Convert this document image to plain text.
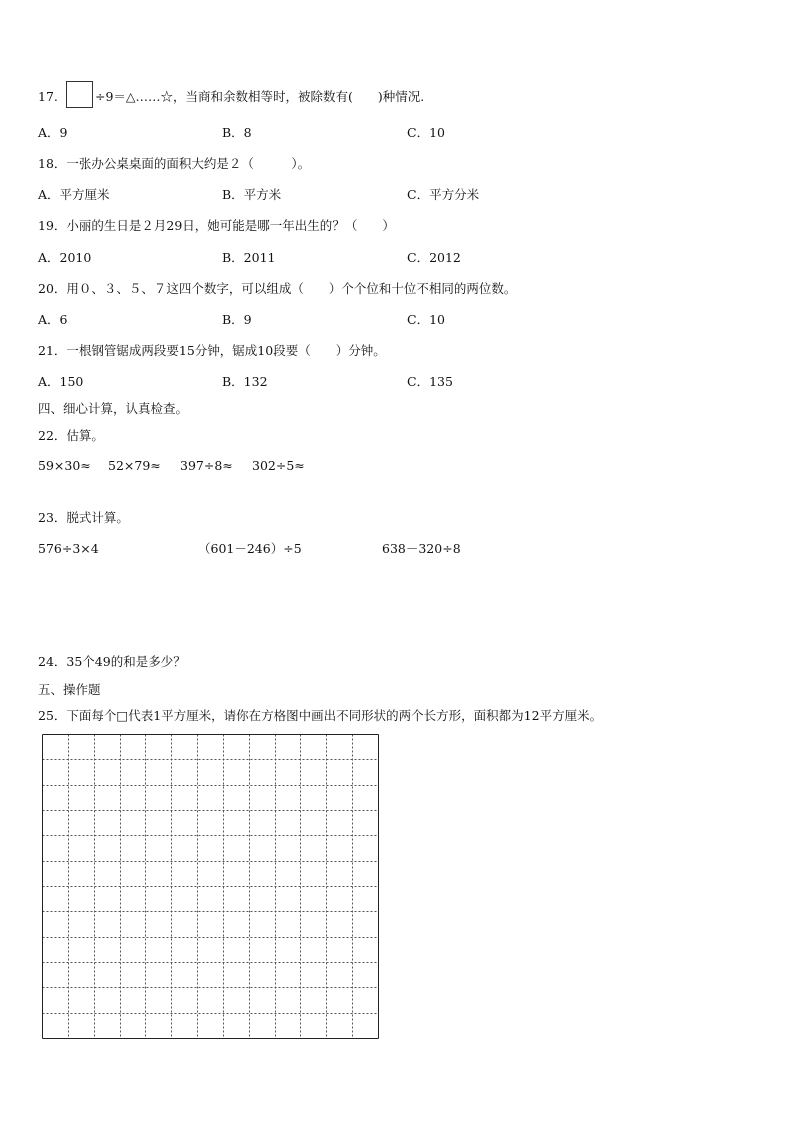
17.	÷9＝△……☆，当商和余数相等时，被除数有(　　)种情况.
A．9	B．8	C．10
18．一张办公桌桌面的面积大约是２（　　　）。
A．平方厘米	B．平方米	C．平方分米
19．小丽的生日是２月29日，她可能是哪一年出生的？（　　）
A．2010	B．2011	C．2012
20．用０、３、５、７这四个数字，可以组成（　　）个个位和十位不相同的两位数。
A．6	B．9	C．10
21．一根钢管锯成两段要15分钟，锯成10段要（　　）分钟。
A．150	B．132	C．135
四、细心计算，认真检查。
22．估算。
59×30≈ 52×79≈ 397÷8≈ 302÷5≈
23．脱式计算。
576÷3×4	（601－246）÷5	638－320÷8
24．35个49的和是多少？
五、操作题
25．下面每个□代表1平方厘米，请你在方格图中画出不同形状的两个长方形，面积都为12平方厘米。
